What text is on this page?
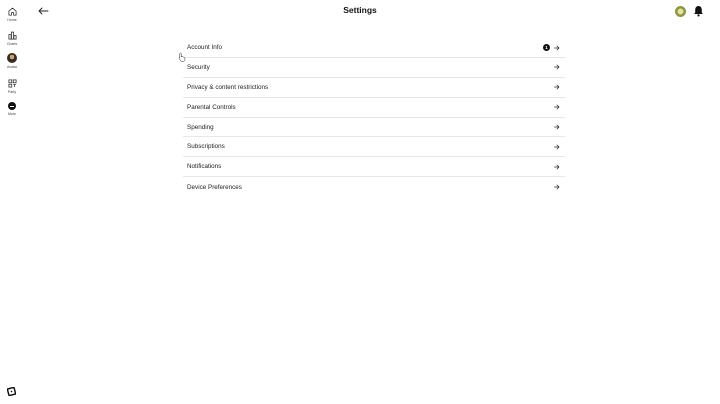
Home
Charts
Avatar
Party
More
Settings
Account Info	1
Security
Privacy & content restrictions
Parental Controls
Spending
Subscriptions
Notifications
Device Preferences
